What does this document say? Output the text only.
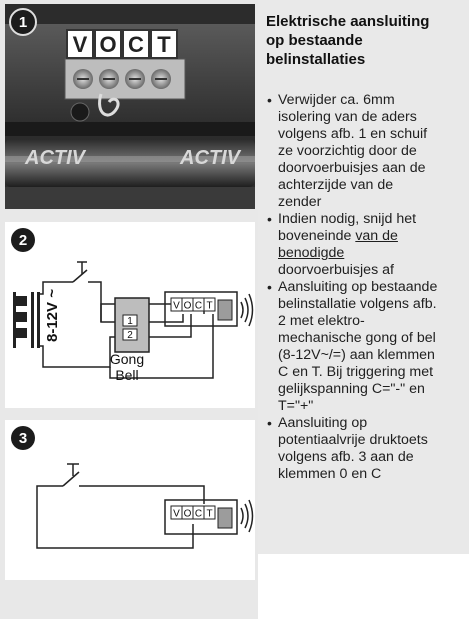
V O C T
ACTIV	ACTIV
1
1
2
Gong
Bell
8-12V ~	V O C T
2
V O C T
3
Elektrische aansluiting
op bestaande
belinstallaties
• Verwijder ca. 6mm
isolering van de aders
volgens afb. 1 en schuif
ze voorzichtig door de
doorvoerbuisjes aan de
achterzijde van de
zender
• Indien nodig, snijd het
boveneinde van de
benodigde
doorvoerbuisjes af
• Aansluiting op bestaande
belinstallatie volgens afb.
2 met elektro-
mechanische gong of bel
(8-12V~/=) aan klemmen
C en T. Bij triggering met
gelijkspanning C="-" en
T="+"
• Aansluiting op
potentiaalvrije druktoets
volgens afb. 3 aan de
klemmen 0 en C
